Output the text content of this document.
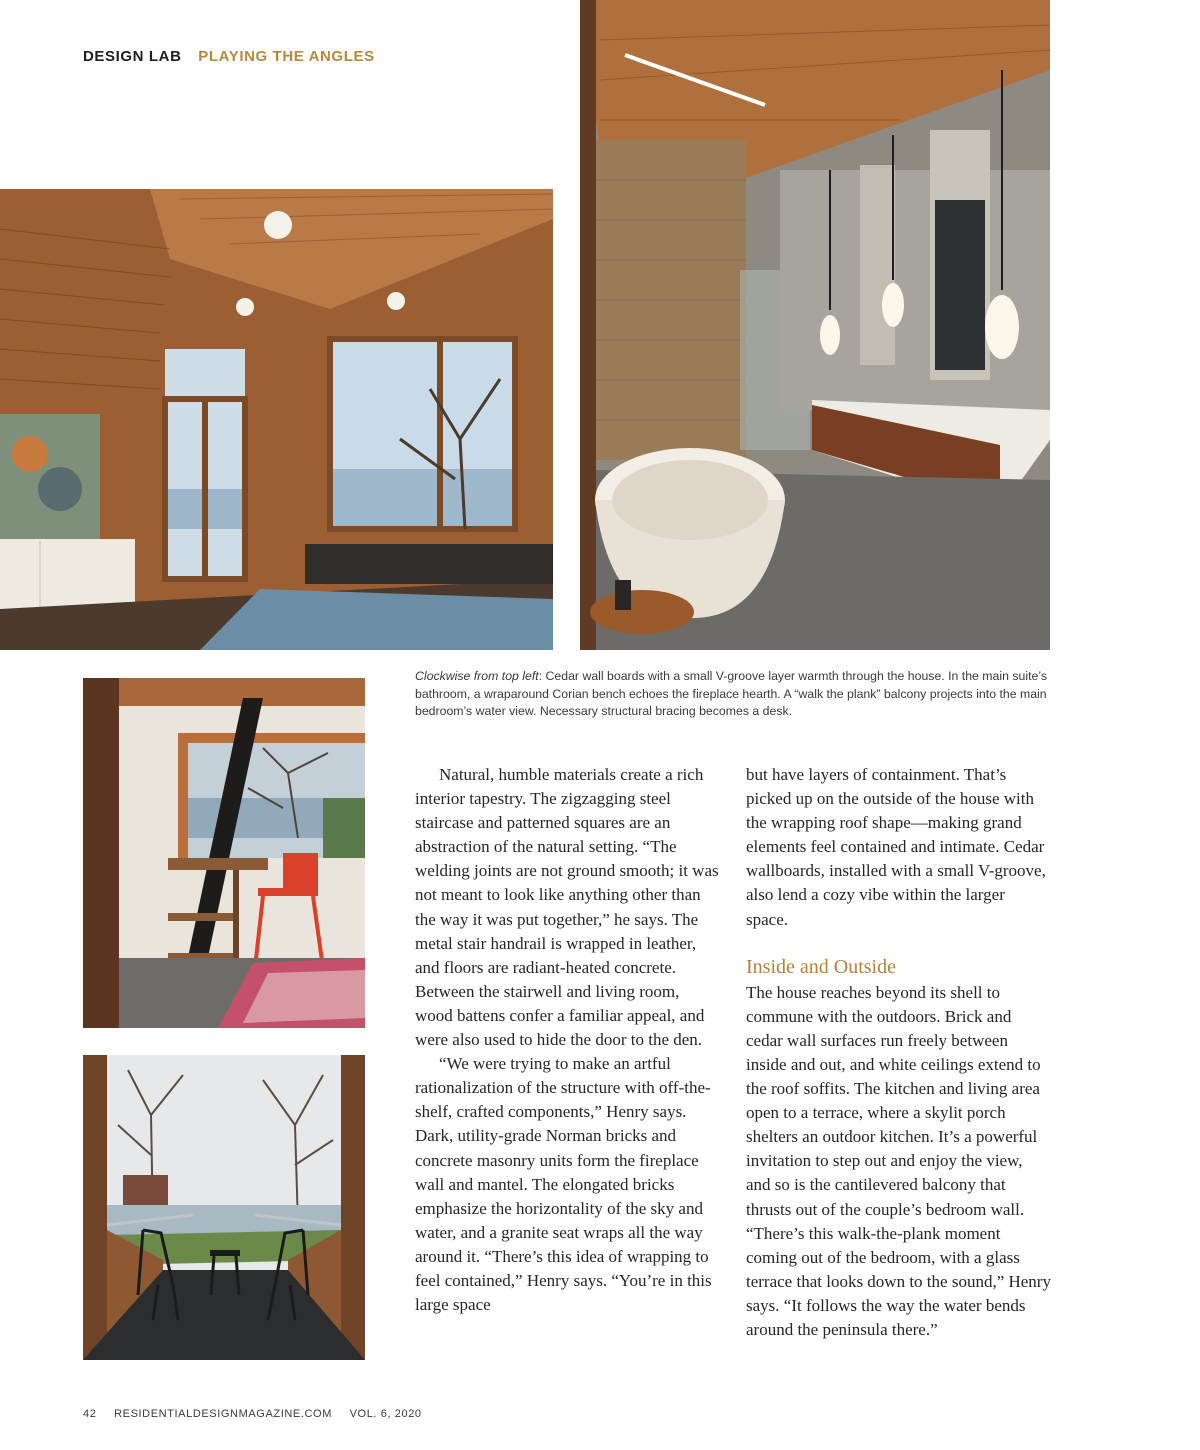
DESIGN LAB PLAYING THE ANGLES
Clockwise from top left: Cedar wall boards with a small V-groove layer warmth through the house. In the main suite’s bathroom, a wraparound Corian bench echoes the fireplace hearth. A “walk the plank” balcony projects into the main bedroom’s water view. Necessary structural bracing becomes a desk.

Natural, humble materials create a rich interior tapestry. The zigzagging steel staircase and patterned squares are an abstraction of the natural setting. “The welding joints are not ground smooth; it was not meant to look like anything other than the way it was put together,” he says. The metal stair handrail is wrapped in leather, and floors are radiant-heated concrete. Between the stairwell and living room, wood battens confer a familiar appeal, and were also used to hide the door to the den.

“We were trying to make an artful rationalization of the structure with off-the-shelf, crafted components,” Henry says. Dark, utility-grade Norman bricks and concrete masonry units form the fireplace wall and mantel. The elongated bricks emphasize the horizontality of the sky and water, and a granite seat wraps all the way around it. “There’s this idea of wrapping to feel contained,” Henry says. “You’re in this large space

but have layers of containment. That’s picked up on the outside of the house with the wrapping roof shape—making grand elements feel contained and intimate. Cedar wallboards, installed with a small V-groove, also lend a cozy vibe within the larger space.

Inside and Outside

The house reaches beyond its shell to commune with the outdoors. Brick and cedar wall surfaces run freely between inside and out, and white ceilings extend to the roof soffits. The kitchen and living area open to a terrace, where a skylit porch shelters an outdoor kitchen. It’s a powerful invitation to step out and enjoy the view, and so is the cantilevered balcony that thrusts out of the couple’s bedroom wall. “There’s this walk-the-plank moment coming out of the bedroom, with a glass terrace that looks down to the sound,” Henry says. “It follows the way the water bends around the peninsula there.”

42 RESIDENTIALDESIGNMAGAZINE.COM VOL. 6, 2020
